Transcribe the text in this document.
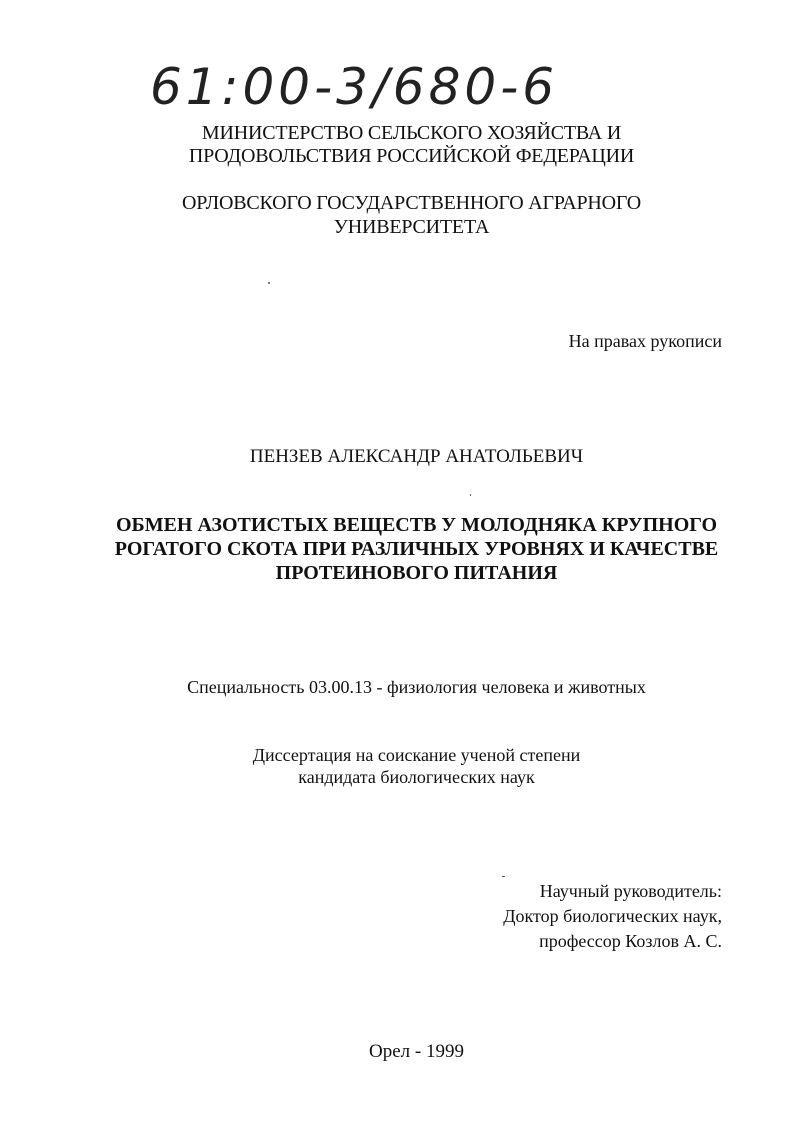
61:00-3/680-6
МИНИСТЕРСТВО СЕЛЬСКОГО ХОЗЯЙСТВА И
ПРОДОВОЛЬСТВИЯ РОССИЙСКОЙ ФЕДЕРАЦИИ
ОРЛОВСКОГО ГОСУДАРСТВЕННОГО АГРАРНОГО
УНИВЕРСИТЕТА
На правах рукописи
ПЕНЗЕВ АЛЕКСАНДР АНАТОЛЬЕВИЧ
ОБМЕН АЗОТИСТЫХ ВЕЩЕСТВ У МОЛОДНЯКА КРУПНОГО
РОГАТОГО СКОТА ПРИ РАЗЛИЧНЫХ УРОВНЯХ И КАЧЕСТВЕ
ПРОТЕИНОВОГО ПИТАНИЯ
Специальность 03.00.13 - физиология человека и животных
Диссертация на соискание ученой степени
кандидата биологических наук
Научный руководитель:
Доктор биологических наук,
профессор Козлов А. С.
Орел - 1999
